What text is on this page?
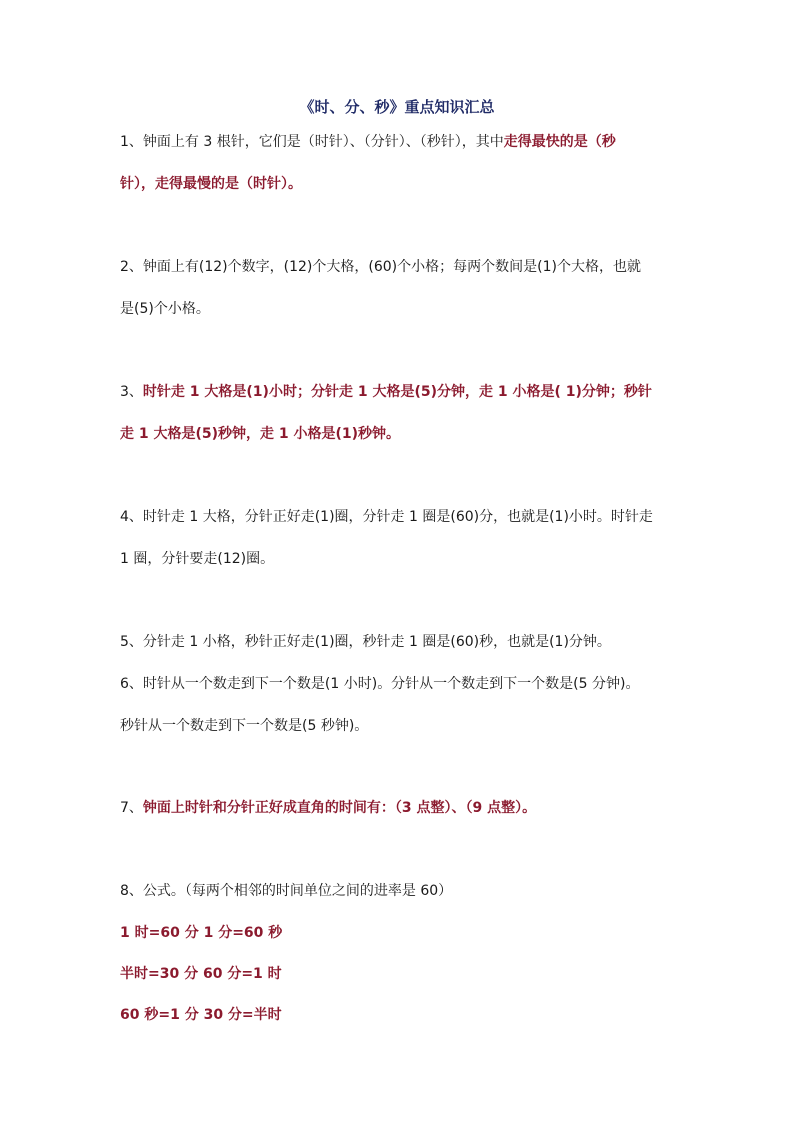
《时、分、秒》重点知识汇总
1、钟面上有 3 根针，它们是（时针）、（分针）、（秒针），其中走得最快的是（秒
针），走得最慢的是（时针）。
2、钟面上有(12)个数字，(12)个大格，(60)个小格；每两个数间是(1)个大格，也就
是(5)个小格。
3、时针走 1 大格是(1)小时；分针走 1 大格是(5)分钟，走 1 小格是( 1)分钟；秒针
走 1 大格是(5)秒钟，走 1 小格是(1)秒钟。
4、时针走 1 大格，分针正好走(1)圈，分针走 1 圈是(60)分，也就是(1)小时。时针走
1 圈，分针要走(12)圈。
5、分针走 1 小格，秒针正好走(1)圈，秒针走 1 圈是(60)秒，也就是(1)分钟。
6、时针从一个数走到下一个数是(1 小时)。分针从一个数走到下一个数是(5 分钟)。
秒针从一个数走到下一个数是(5 秒钟)。
7、钟面上时针和分针正好成直角的时间有：（3 点整）、（9 点整）。
8、公式。（每两个相邻的时间单位之间的进率是 60）
1 时=60 分 1 分=60 秒
半时=30 分 60 分=1 时
60 秒=1 分 30 分=半时
